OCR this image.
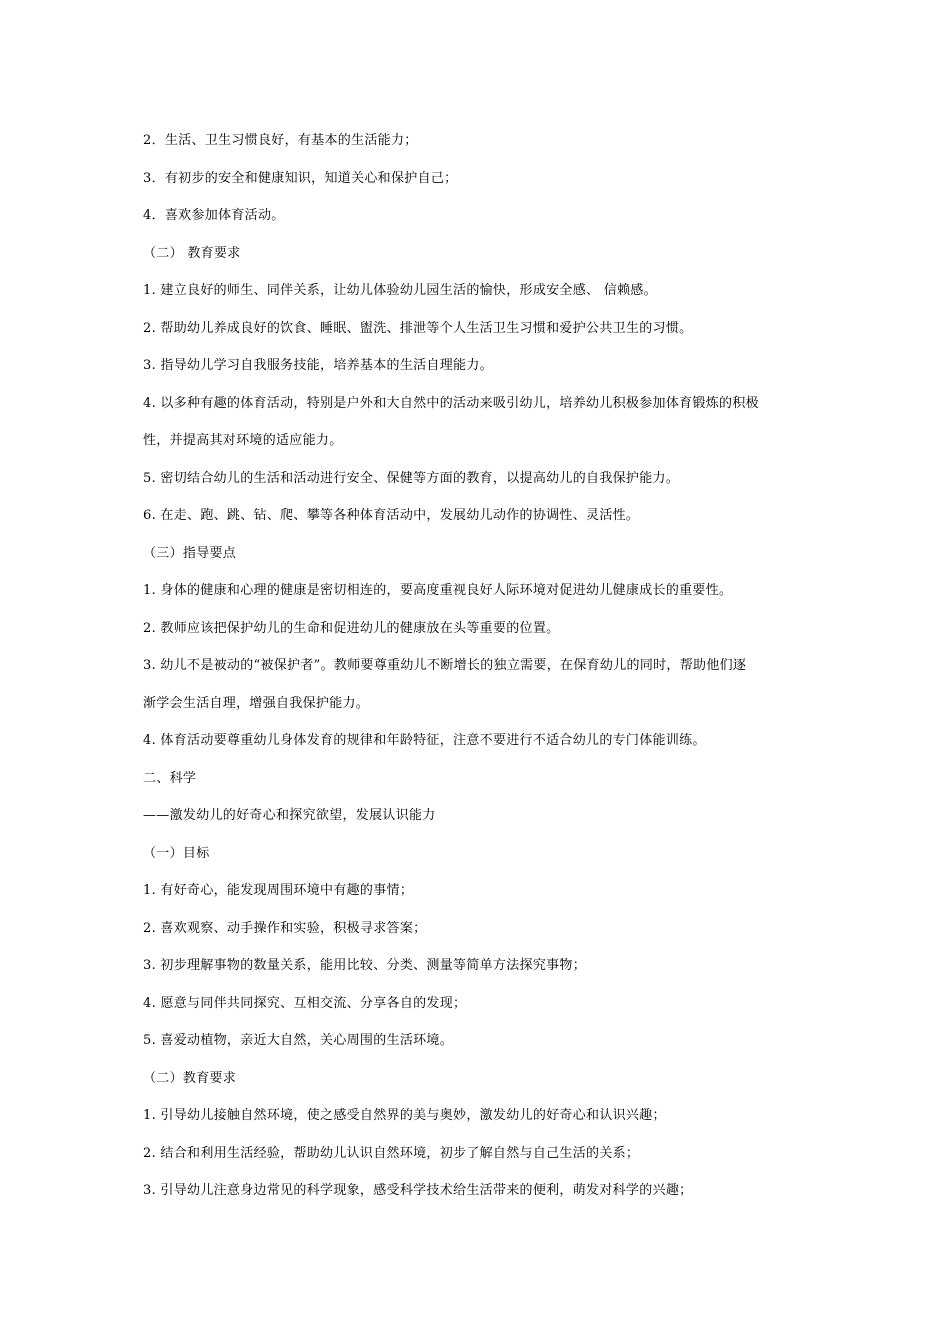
2．生活、卫生习惯良好，有基本的生活能力；
3．有初步的安全和健康知识，知道关心和保护自己；
4．喜欢参加体育活动。
（二） 教育要求
1. 建立良好的师生、同伴关系，让幼儿体验幼儿园生活的愉快，形成安全感、 信赖感。
2. 帮助幼儿养成良好的饮食、睡眠、盥洗、排泄等个人生活卫生习惯和爱护公共卫生的习惯。
3. 指导幼儿学习自我服务技能，培养基本的生活自理能力。
4. 以多种有趣的体育活动，特别是户外和大自然中的活动来吸引幼儿，培养幼儿积极参加体育锻炼的积极
性，并提高其对环境的适应能力。
5. 密切结合幼儿的生活和活动进行安全、保健等方面的教育，以提高幼儿的自我保护能力。
6. 在走、跑、跳、钻、爬、攀等各种体育活动中，发展幼儿动作的协调性、灵活性。
（三）指导要点
1. 身体的健康和心理的健康是密切相连的，要高度重视良好人际环境对促进幼儿健康成长的重要性。
2. 教师应该把保护幼儿的生命和促进幼儿的健康放在头等重要的位置。
3. 幼儿不是被动的“被保护者”。教师要尊重幼儿不断增长的独立需要，在保育幼儿的同时，帮助他们逐
渐学会生活自理，增强自我保护能力。
4. 体育活动要尊重幼儿身体发育的规律和年龄特征，注意不要进行不适合幼儿的专门体能训练。
二、科学
——激发幼儿的好奇心和探究欲望，发展认识能力
（一）目标
1. 有好奇心，能发现周围环境中有趣的事情；
2. 喜欢观察、动手操作和实验，积极寻求答案；
3. 初步理解事物的数量关系，能用比较、分类、测量等简单方法探究事物；
4. 愿意与同伴共同探究、互相交流、分享各自的发现；
5. 喜爱动植物，亲近大自然，关心周围的生活环境。
（二）教育要求
1. 引导幼儿接触自然环境，使之感受自然界的美与奥妙，激发幼儿的好奇心和认识兴趣；
2. 结合和利用生活经验，帮助幼儿认识自然环境，初步了解自然与自己生活的关系；
3. 引导幼儿注意身边常见的科学现象，感受科学技术给生活带来的便利，萌发对科学的兴趣；
